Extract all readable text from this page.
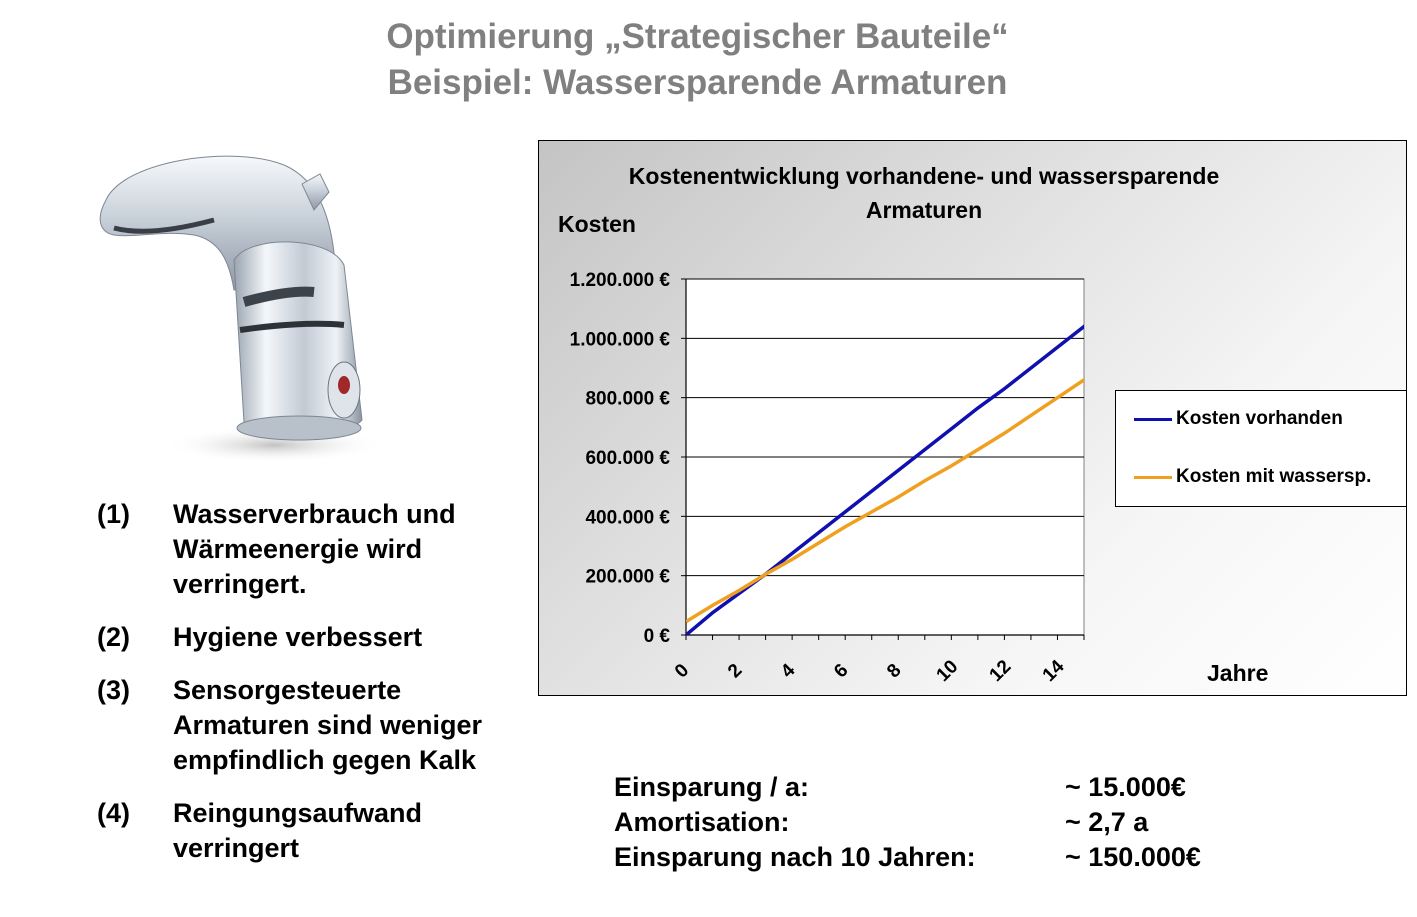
Optimierung „Strategischer Bauteile“
Beispiel: Wassersparende Armaturen
(1)	Wasserverbrauch und Wärmeenergie wird verringert.
(2)	Hygiene verbessert
(3)	Sensorgesteuerte Armaturen sind weniger empfindlich gegen Kalk
(4)	Reingungsaufwand verringert
0 €
200.000 €
400.000 €
600.000 €
800.000 €
1.000.000 €
1.200.000 €
0 2 4 6 8 10 12 14
Kostenentwicklung vorhandene- und wassersparende Armaturen
Kosten
Jahre
Kosten vorhanden
Kosten mit wassersp.
Einsparung / a:	~ 15.000€
Amortisation:	~ 2,7 a
Einsparung nach 10 Jahren:	~ 150.000€
